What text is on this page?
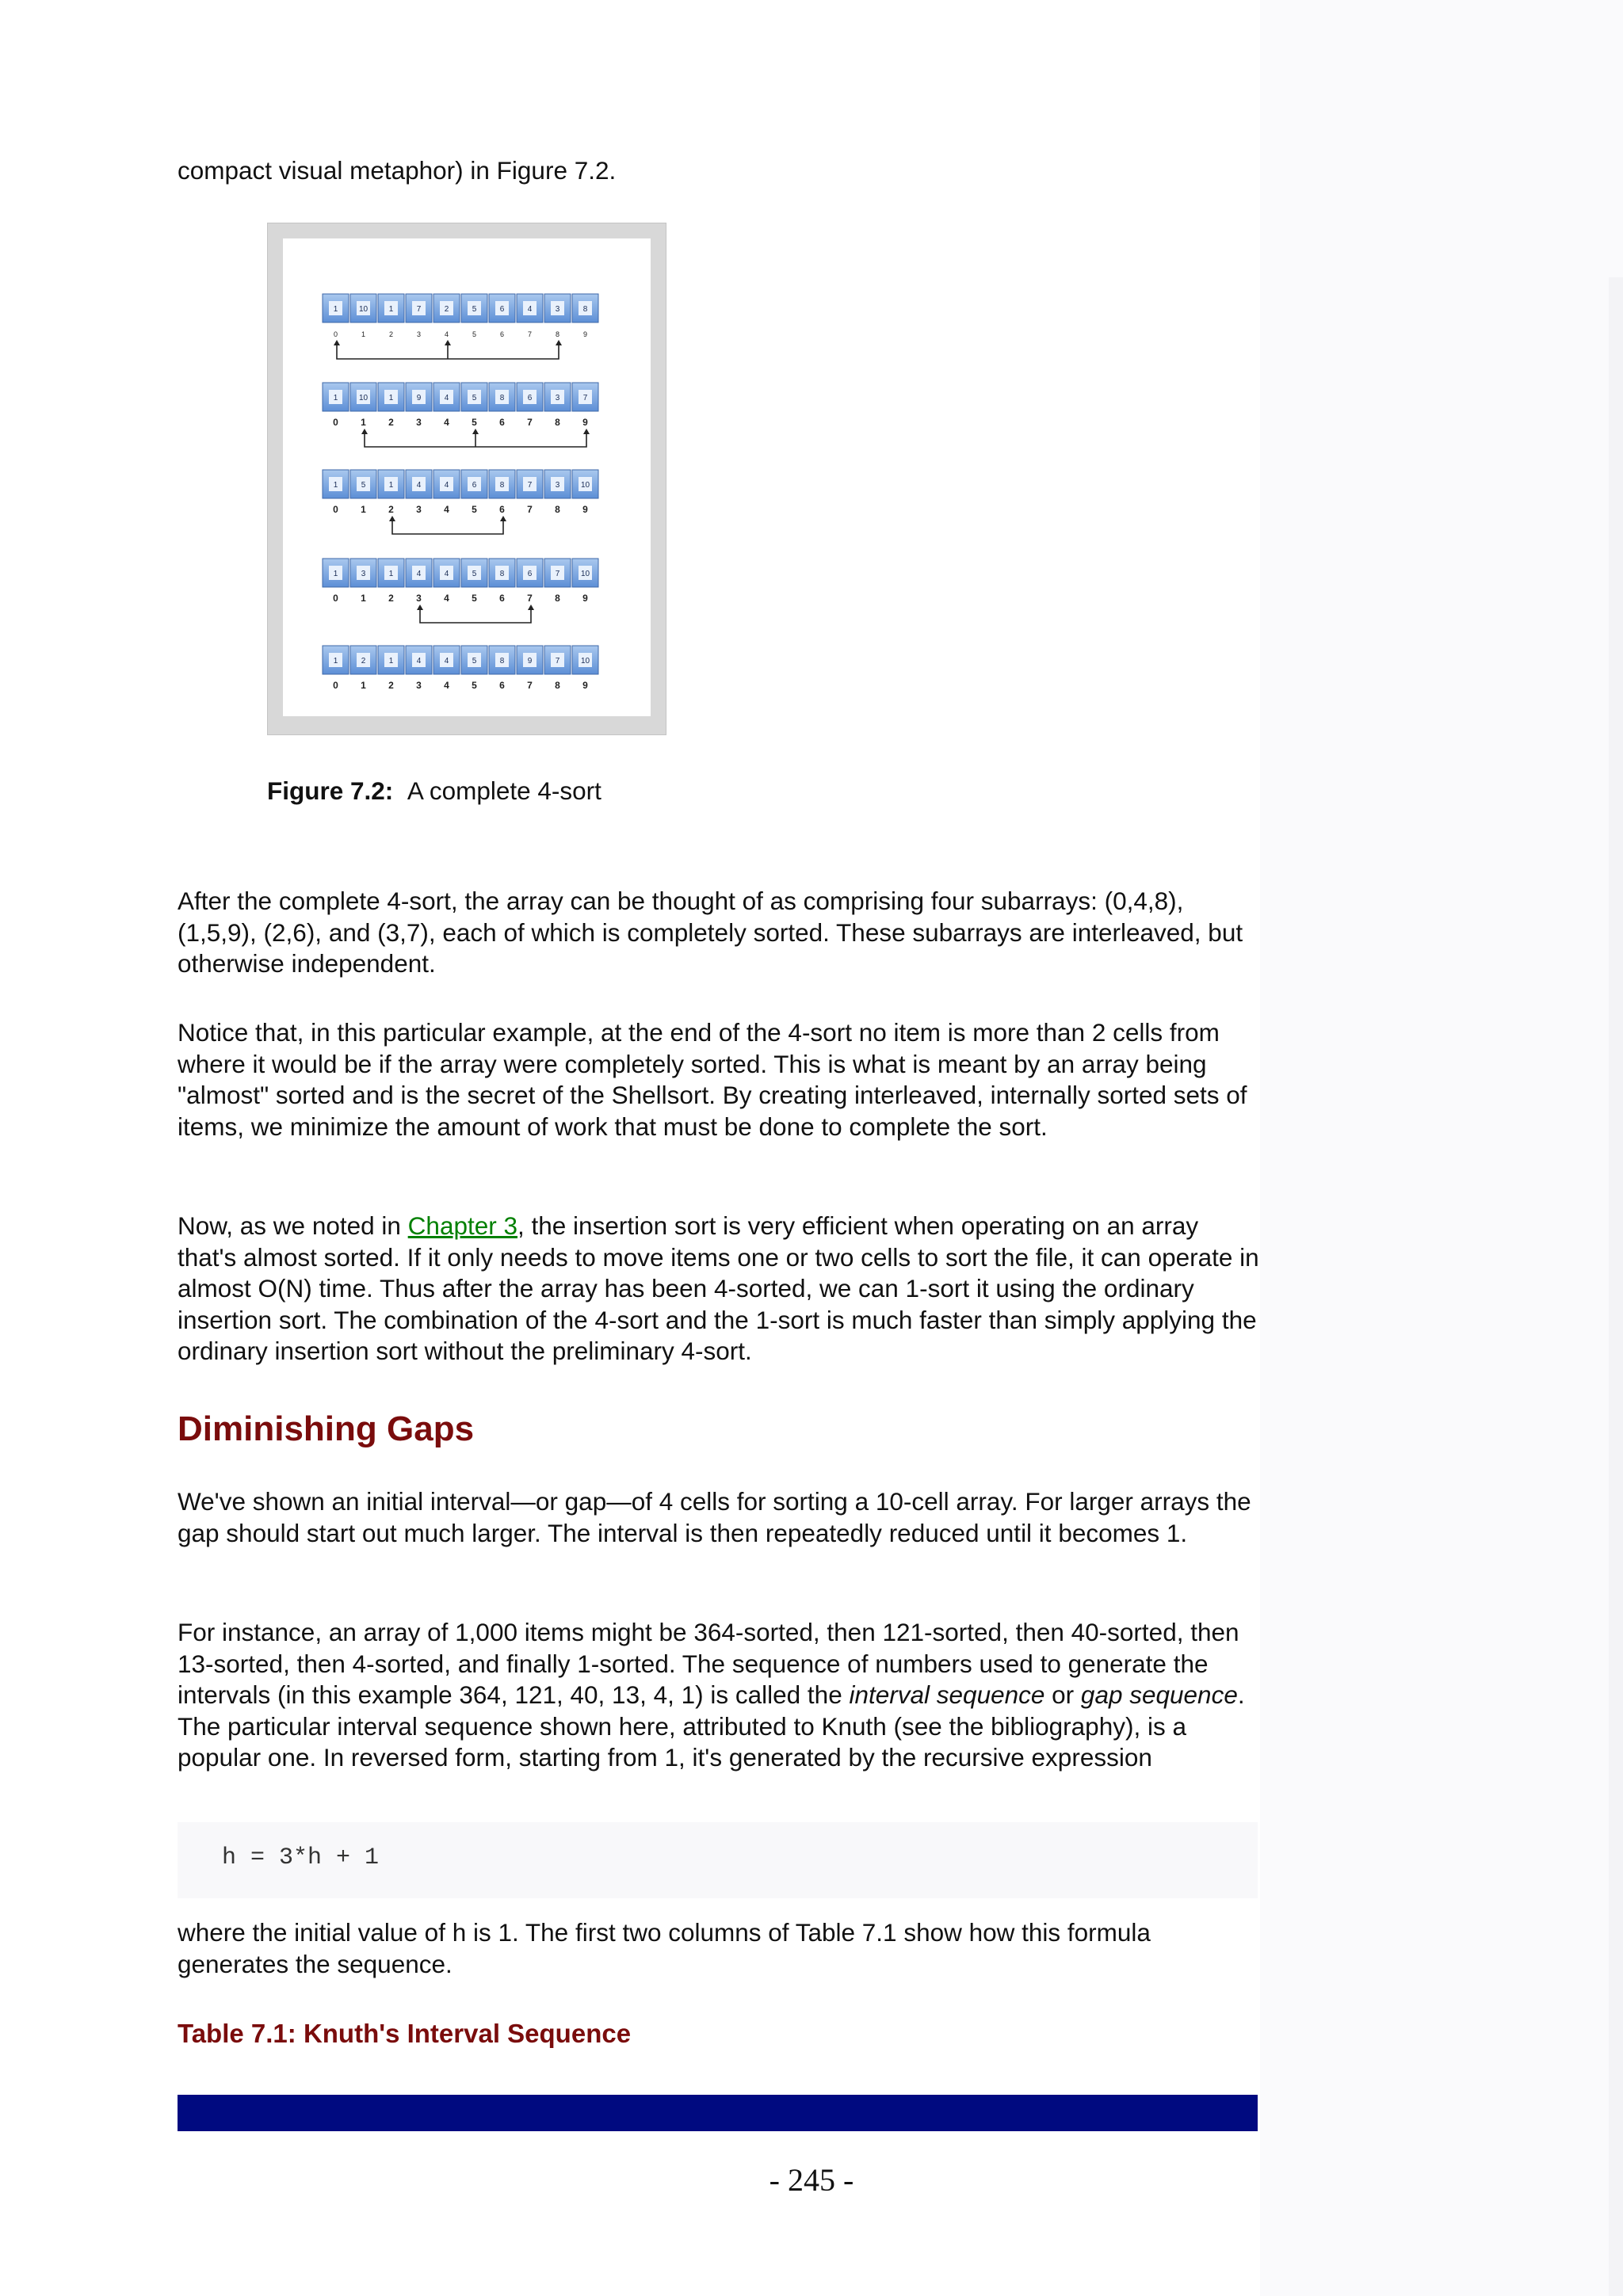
compact visual metaphor) in Figure 7.2.

1	10	1	7	2	5	6	4	3	8
0	1	2	3	4	5	6	7	8	9
1	10	1	9	4	5	8	6	3	7
0 1 2 3 4 5 6 7 8 9
1	5	1	4	4	6	8	7	3	10
0 1 2 3 4 5 6 7 8 9
1	3	1	4	4	5	8	6	7	10
0 1 2 3 4 5 6 7 8 9
1	2	1	4	4	5	8	9	7	10
0 1 2 3 4 5 6 7 8 9
Figure 7.2: A complete 4-sort

After the complete 4-sort, the array can be thought of as comprising four subarrays: (0,4,8), (1,5,9), (2,6), and (3,7), each of which is completely sorted. These subarrays are interleaved, but otherwise independent.

Notice that, in this particular example, at the end of the 4-sort no item is more than 2 cells from where it would be if the array were completely sorted. This is what is meant by an array being "almost" sorted and is the secret of the Shellsort. By creating interleaved, internally sorted sets of items, we minimize the amount of work that must be done to complete the sort.

Now, as we noted in Chapter 3, the insertion sort is very efficient when operating on an array that's almost sorted. If it only needs to move items one or two cells to sort the file, it can operate in almost O(N) time. Thus after the array has been 4-sorted, we can 1-sort it using the ordinary insertion sort. The combination of the 4-sort and the 1-sort is much faster than simply applying the ordinary insertion sort without the preliminary 4-sort.

Diminishing Gaps

We've shown an initial interval—or gap—of 4 cells for sorting a 10-cell array. For larger arrays the gap should start out much larger. The interval is then repeatedly reduced until it becomes 1.

For instance, an array of 1,000 items might be 364-sorted, then 121-sorted, then 40-sorted, then 13-sorted, then 4-sorted, and finally 1-sorted. The sequence of numbers used to generate the intervals (in this example 364, 121, 40, 13, 4, 1) is called the interval sequence or gap sequence. The particular interval sequence shown here, attributed to Knuth (see the bibliography), is a popular one. In reversed form, starting from 1, it's generated by the recursive expression

h = 3*h + 1

where the initial value of h is 1. The first two columns of Table 7.1 show how this formula generates the sequence.

Table 7.1: Knuth's Interval Sequence

- 245 -
